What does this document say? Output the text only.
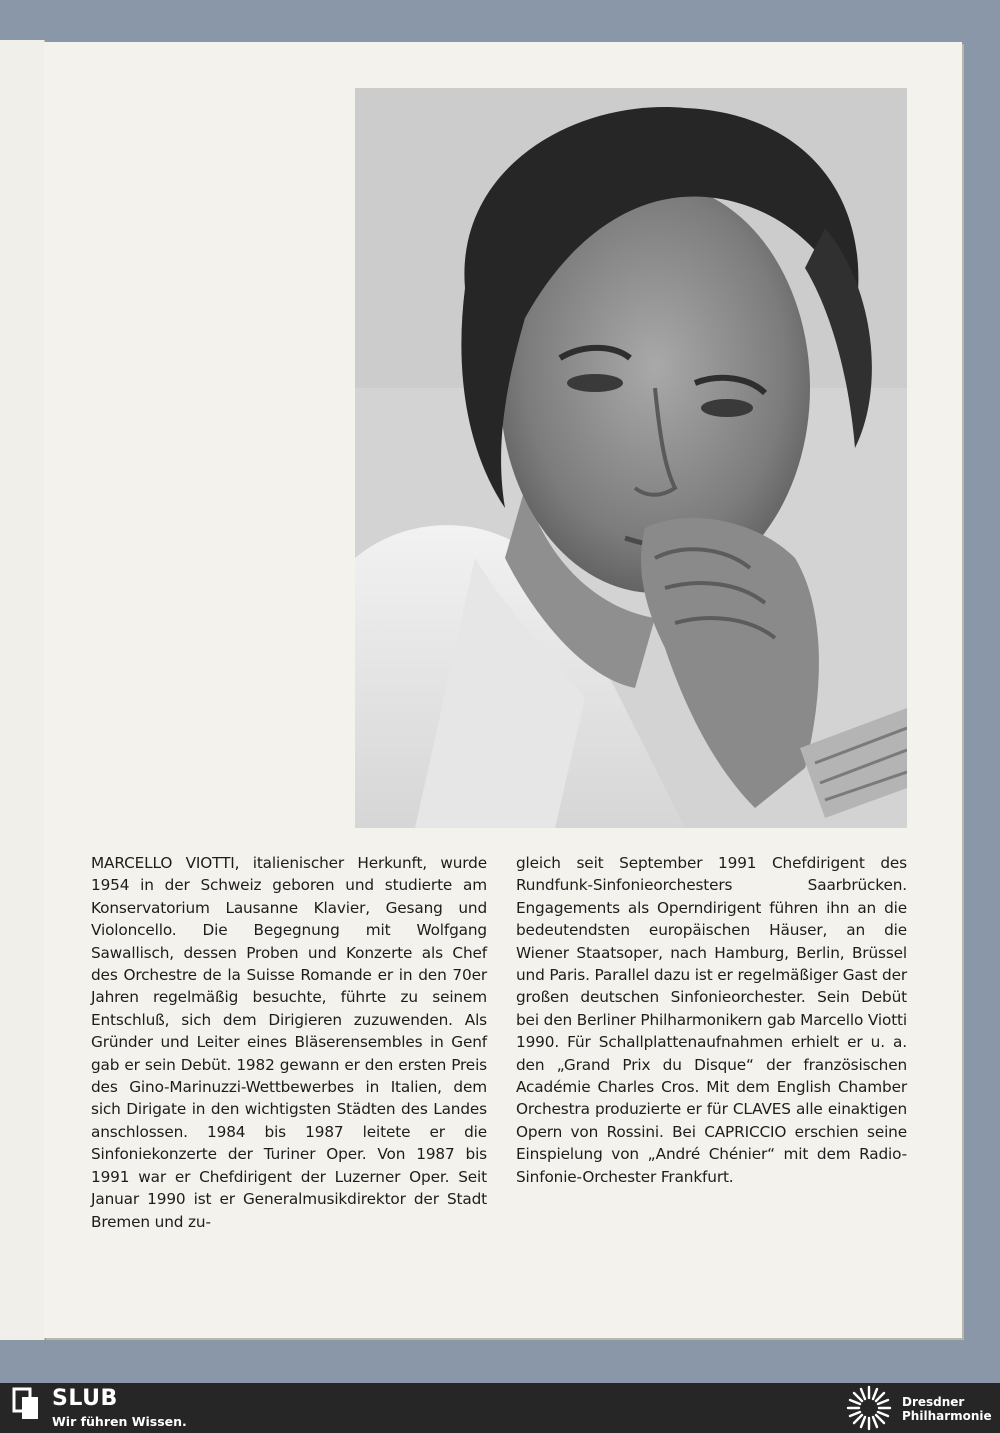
MARCELLO VIOTTI, italienischer Herkunft, wurde 1954 in der Schweiz geboren und studierte am Konservatorium Lausanne Klavier, Gesang und Violoncello. Die Begegnung mit Wolfgang Sawallisch, dessen Proben und Konzerte als Chef des Orchestre de la Suisse Romande er in den 70er Jahren regelmäßig besuchte, führte zu seinem Entschluß, sich dem Dirigieren zuzuwenden. Als Gründer und Leiter eines Bläserensembles in Genf gab er sein Debüt. 1982 gewann er den ersten Preis des Gino-Marinuzzi-Wettbewerbes in Italien, dem sich Dirigate in den wichtigsten Städten des Landes anschlossen. 1984 bis 1987 leitete er die Sinfoniekonzerte der Turiner Oper. Von 1987 bis 1991 war er Chefdirigent der Luzerner Oper. Seit Januar 1990 ist er Generalmusikdirektor der Stadt Bremen und zu-

gleich seit September 1991 Chefdirigent des Rundfunk-Sinfonieorchesters Saarbrücken. Engagements als Operndirigent führen ihn an die bedeutendsten europäischen Häuser, an die Wiener Staatsoper, nach Hamburg, Berlin, Brüssel und Paris. Parallel dazu ist er regelmäßiger Gast der großen deutschen Sinfonieorchester. Sein Debüt bei den Berliner Philharmonikern gab Marcello Viotti 1990. Für Schallplattenaufnahmen erhielt er u. a. den „Grand Prix du Disque“ der französischen Académie Charles Cros. Mit dem English Chamber Orchestra produzierte er für CLAVES alle einaktigen Opern von Rossini. Bei CAPRICCIO erschien seine Einspielung von „André Chénier“ mit dem Radio-Sinfonie-Orchester Frankfurt.

SLUB

Wir führen Wissen.

Dresdner
Philharmonie
